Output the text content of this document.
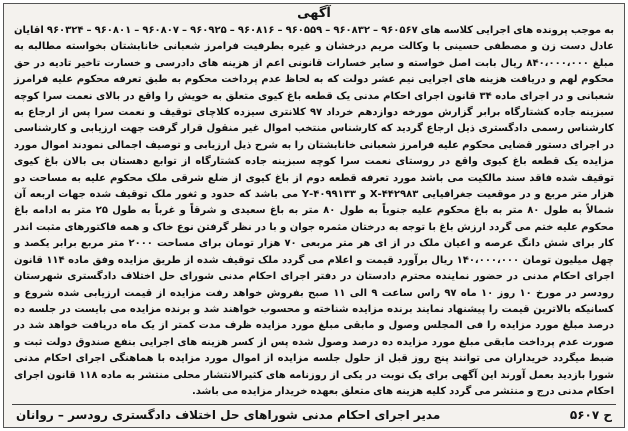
آگهی
به موجب پرونده های اجرایی کلاسه های ۹۶۰۵۶۷ – ۹۶۰۸۳۲ – ۹۶۰۵۵۹ – ۹۶۰۸۱۶ – ۹۶۰۹۲۵ – ۹۶۰۸۰۷ – ۹۶۰۸۰۱ – ۹۶۰۳۲۴ اقایان عادل دست زن و مصطفی حسینی با وکالت مریم درخشان و غیره بطرفیت فرامرز شعبانی خانابشتان بخواسته مطالبه به مبلغ ۸۴۰،۰۰۰،۰۰۰ ریال بابت اصل خواسته و سایر خسارات قانونی اعم از هزینه های دادرسی و خسارت تاخیر تادیه در حق محکوم لهم و دریافت هزینه های اجرایی نیم عشر دولت که به لحاظ عدم پرداخت محکوم به طبق تعرفه محکوم علیه فرامرز شعبانی و در اجرای ماده ۳۴ قانون اجرای احکام مدنی یک قطعه باغ کیوی متعلق به خویش را واقع در بالای نعمت سرا کوچه سبزینه جاده کشتارگاه برابر گزارش مورخه دوازدهم خرداد ۹۷ کلانتری سیزده کلاچای توقیف و نعمت سرا پس از ارجاع به کارشناس رسمی دادگستری ذیل ارجاع گردید که کارشناس منتخب اموال غیر منقول قرار گرفت جهت ارزیابی و کارشناسی در اجرای دستور قضایی محکوم علیه فرامرز شعبانی خانابشتان را به شرح ذیل ارزیابی و توصیف اجمالی نمودند اموال مورد مزایده یک قطعه باغ کیوی واقع در روستای نعمت سرا کوچه سبزینه جاده کشتارگاه از توابع دهستان بی بالان باغ کیوی توقیف شده فاقد سند مالکیت می باشد مورد تعرفه قطعه دوم از باغ کیوی از ضلع شرقی ملک محکوم علیه به مساحت دو هزار متر مربع و در موقعیت جغرافیایی ۴۴۲۹۸۳-X و ۴۰۹۹۱۳۳-Y می باشد که حدود و ثغور ملک توقیف شده جهات اربعه آن شمالاً به طول ۸۰ متر به باغ محکوم علیه جنوباً به طول ۸۰ متر به باغ سعیدی و شرقاً و غرباً به طول ۲۵ متر به ادامه باغ محکوم علیه ختم می گردد ارزش باغ با توجه به درختان مثمره جوان و با در نظر گرفتن نوع خاک و همه فاکتورهای مثبت اندر کار برای شش دانگ عرصه و اعیان ملک در از ای هر متر مربعی ۷۰ هزار تومان برای مساحت ۲۰۰۰ متر مربع برابر یکصد و چهل میلیون تومان ۱۴۰،۰۰۰،۰۰۰ ریال برآورد قیمت و اعلام می گردد ملک توقیف شده از طریق مزایده وفق ماده ۱۱۴ قانون اجرای احکام مدنی در حضور نماینده محترم دادستان در دفتر اجرای احکام مدنی شورای حل اختلاف دادگستری شهرستان رودسر در مورخ ۱۰ روز ۱۰ ماه ۹۷ راس ساعت ۹ الی ۱۱ صبح بفروش خواهد رفت مزایده از قیمت ارزیابی شده شروع و کسانیکه بالاترین قیمت را پیشنهاد نمایند برنده مزایده شناخته و محسوب خواهند شد و برنده مزایده می بایست در جلسه ده درصد مبلغ مورد مزایده را فی المجلس وصول و مابقی مبلغ مورد مزایده ظرف مدت کمتر از یک ماه دریافت خواهد شد در صورت عدم پرداخت مابقی مبلغ مورد مزایده ده درصد وصول شده پس از کسر هزینه های اجرایی بنفع صندوق دولت ثبت و ضبط میگردد خریداران می توانند پنج روز قبل از حلول جلسه مزایده از اموال مورد مزایده با هماهنگی اجرای احکام مدنی شورا بازدید بعمل آورند این آگهی برای یک نوبت در یکی از روزنامه های کثیرالانتشار محلی منتشر به ماده ۱۱۸ قانون اجرای احکام مدنی درج و منتشر می گردد کلیه هزینه های متعلق بعهده خریدار مزایده می باشد.
ح ۵۶۰۷
مدیر اجرای احکام مدنی شوراهای حل اختلاف دادگستری رودسر – روانان
